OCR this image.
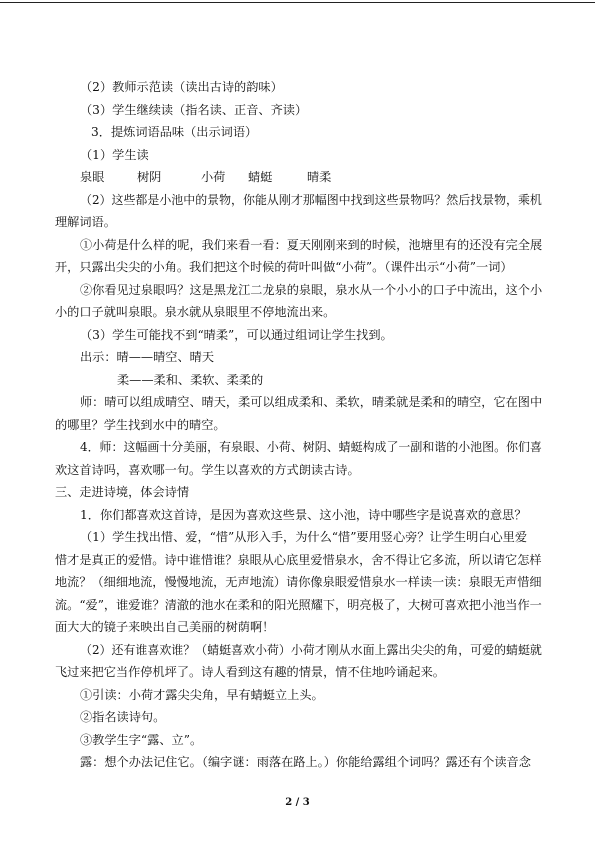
（2）教师示范读（读出古诗的韵味）
（3）学生继续读（指名读、正音、齐读）
3．提炼词语品味（出示词语）
（1）学生读
泉眼	树阴	小荷 蜻蜓	晴柔
（2）这些都是小池中的景物，你能从刚才那幅图中找到这些景物吗？然后找景物，乘机
理解词语。
①小荷是什么样的呢，我们来看一看：夏天刚刚来到的时候，池塘里有的还没有完全展
开，只露出尖尖的小角。我们把这个时候的荷叶叫做“小荷”。（课件出示“小荷”一词）
②你看见过泉眼吗？这是黑龙江二龙泉的泉眼，泉水从一个小小的口子中流出，这个小
小的口子就叫泉眼。泉水就从泉眼里不停地流出来。
（3）学生可能找不到“晴柔”，可以通过组词让学生找到。
出示：晴——晴空、晴天
柔——柔和、柔软、柔柔的
师：晴可以组成晴空、晴天，柔可以组成柔和、柔软，晴柔就是柔和的晴空，它在图中
的哪里？学生找到水中的晴空。
4．师：这幅画十分美丽，有泉眼、小荷、树阴、蜻蜓构成了一副和谐的小池图。你们喜
欢这首诗吗，喜欢哪一句。学生以喜欢的方式朗读古诗。
三、走进诗境，体会诗情
1．你们都喜欢这首诗，是因为喜欢这些景、这小池，诗中哪些字是说喜欢的意思？
（1）学生找出惜、爱，“惜”从形入手，为什么“惜”要用竖心旁？让学生明白心里爱
惜才是真正的爱惜。诗中谁惜谁？泉眼从心底里爱惜泉水，舍不得让它多流，所以请它怎样
地流？（细细地流，慢慢地流，无声地流）请你像泉眼爱惜泉水一样读一读：泉眼无声惜细
流。“爱”，谁爱谁？清澈的池水在柔和的阳光照耀下，明亮极了，大树可喜欢把小池当作一
面大大的镜子来映出自己美丽的树荫啊！
（2）还有谁喜欢谁？（蜻蜓喜欢小荷）小荷才刚从水面上露出尖尖的角，可爱的蜻蜓就
飞过来把它当作停机坪了。诗人看到这有趣的情景，情不住地吟诵起来。
①引读：小荷才露尖尖角，早有蜻蜓立上头。
②指名读诗句。
③教学生字“露、立”。
露：想个办法记住它。（编字谜：雨落在路上。）你能给露组个词吗？露还有个读音念
2 / 3
